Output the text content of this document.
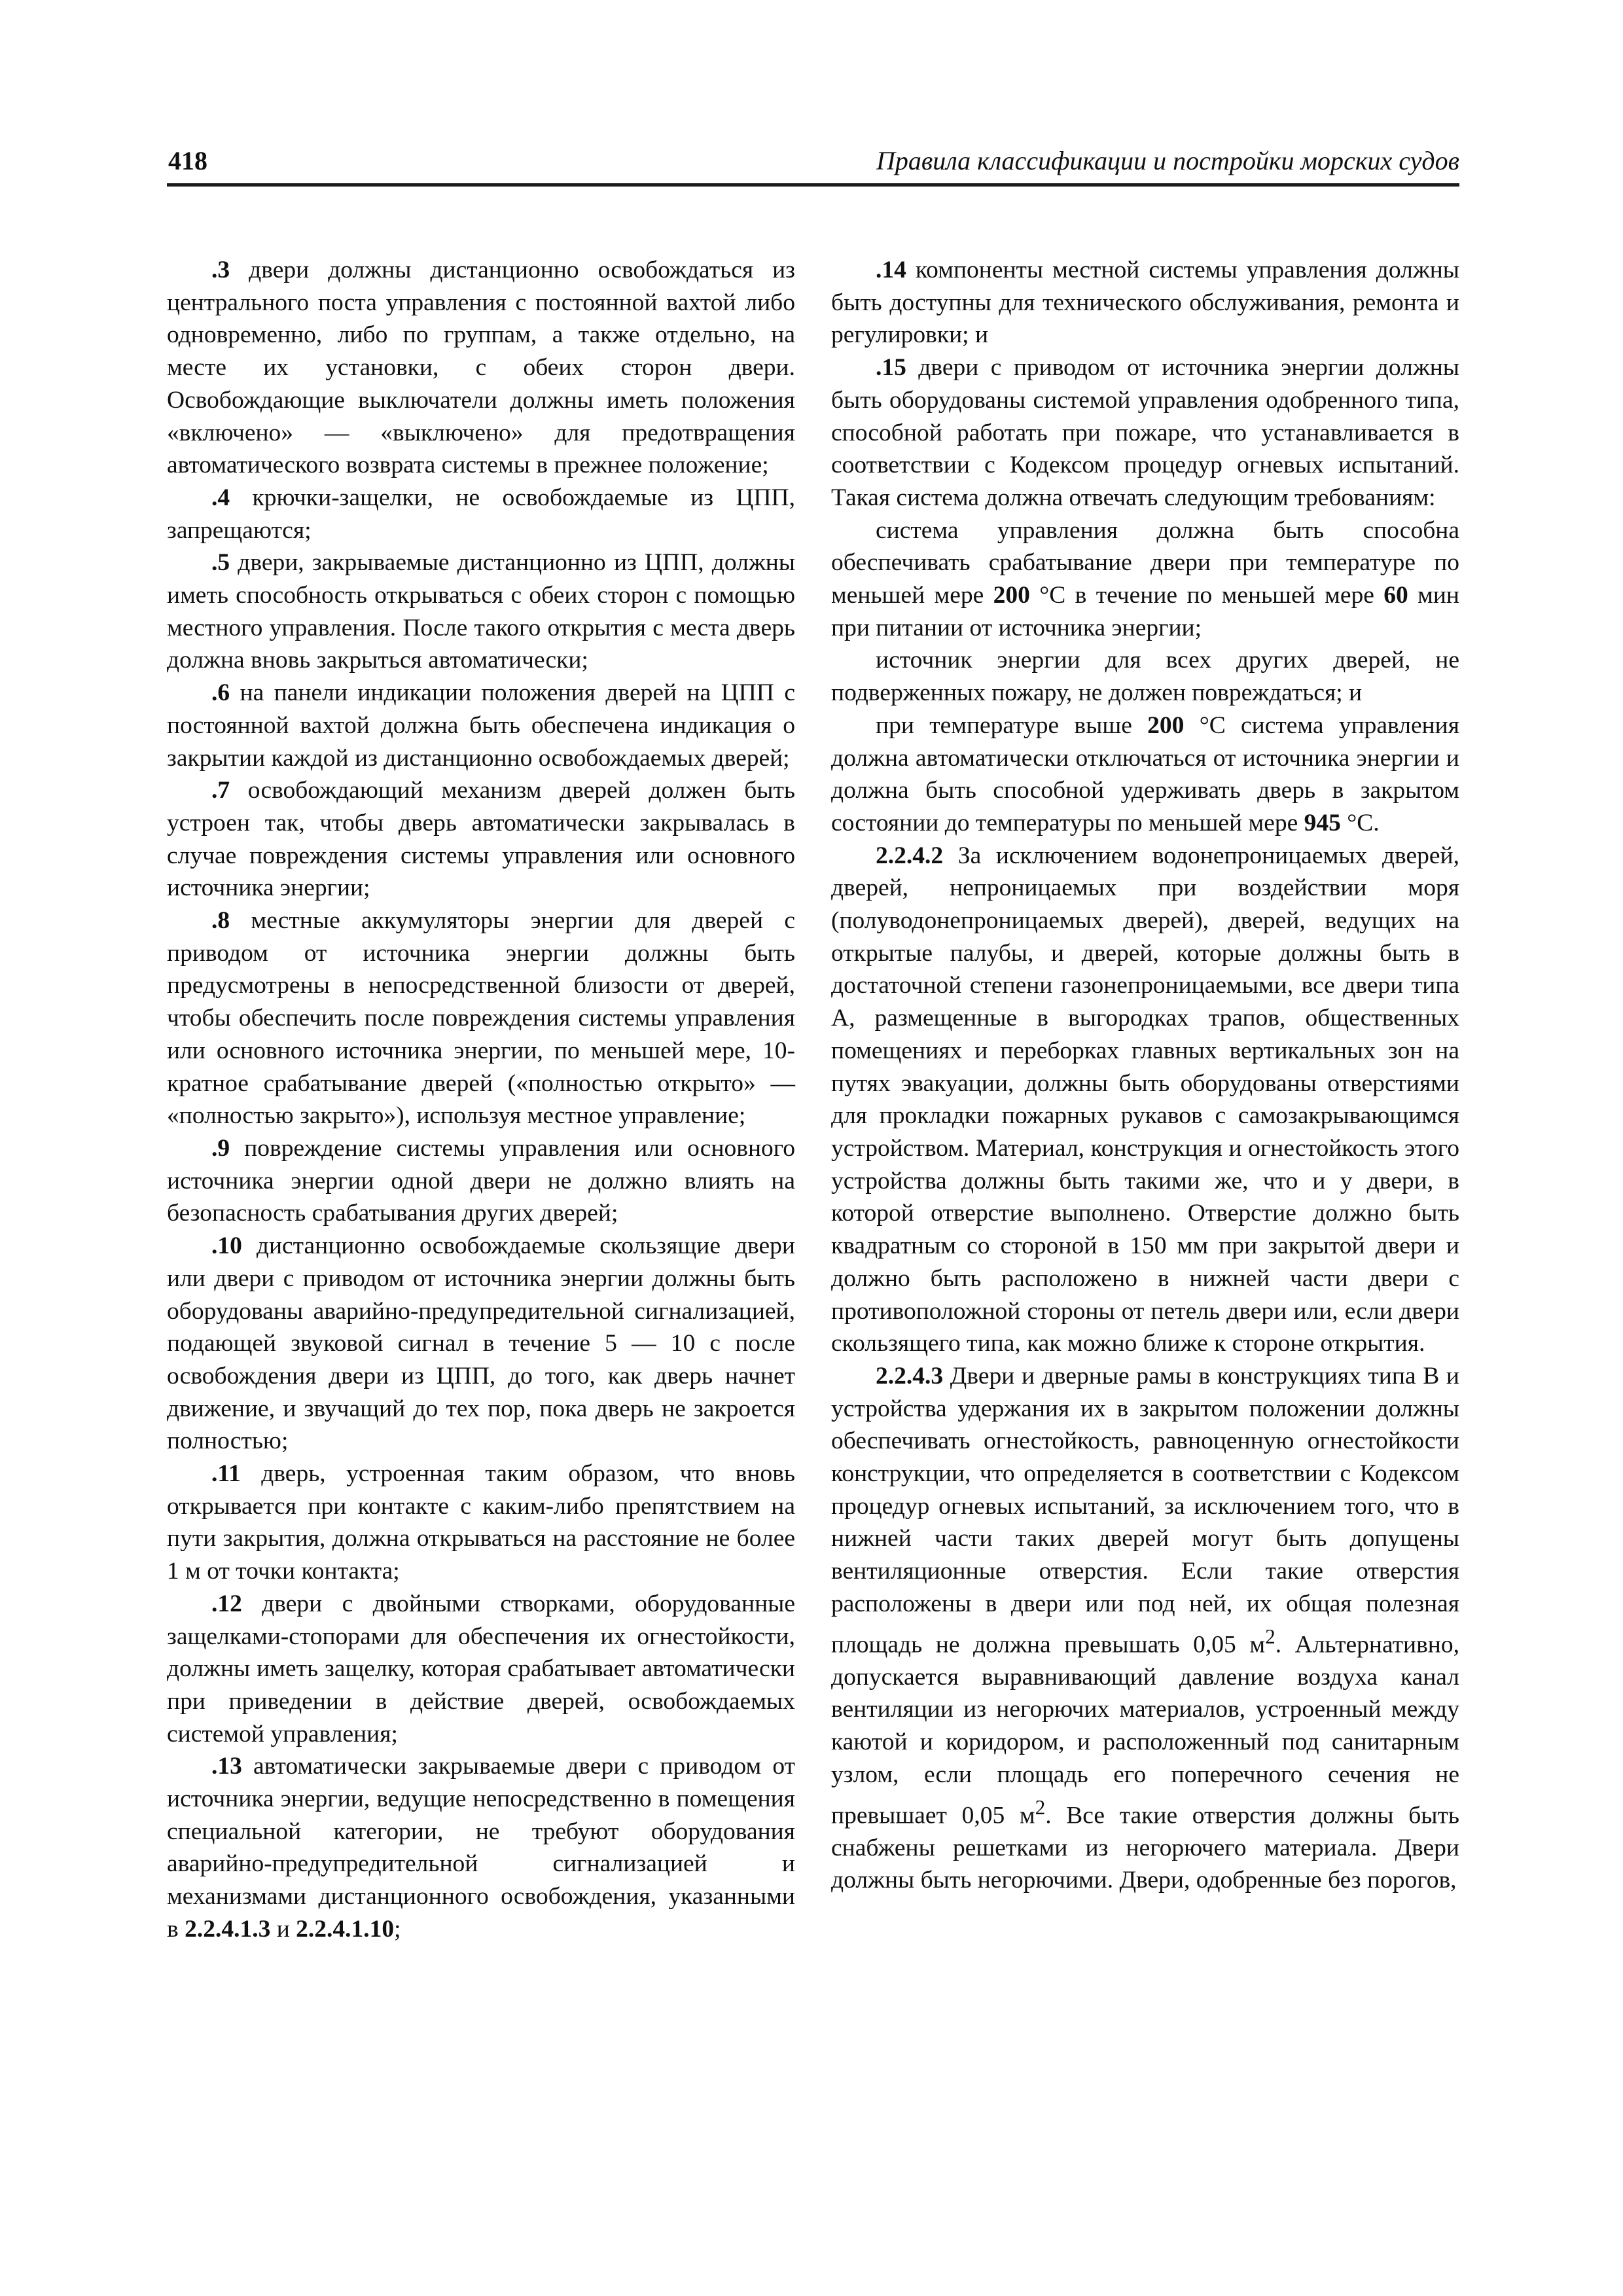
418	Правила классификации и постройки морских судов

.3 двери должны дистанционно освобождаться из центрального поста управления с постоянной вахтой либо одновременно, либо по группам, а также отдельно, на месте их установки, с обеих сторон двери. Освобождающие выключатели должны иметь положения «включено» — «выключено» для предотвращения автоматического возврата системы в прежнее положение;

.4 крючки-защелки, не освобождаемые из ЦПП, запрещаются;

.5 двери, закрываемые дистанционно из ЦПП, должны иметь способность открываться с обеих сторон с помощью местного управления. После такого открытия с места дверь должна вновь закрыться автоматически;

.6 на панели индикации положения дверей на ЦПП с постоянной вахтой должна быть обеспечена индикация о закрытии каждой из дистанционно освобождаемых дверей;

.7 освобождающий механизм дверей должен быть устроен так, чтобы дверь автоматически закрывалась в случае повреждения системы управления или основного источника энергии;

.8 местные аккумуляторы энергии для дверей с приводом от источника энергии должны быть предусмотрены в непосредственной близости от дверей, чтобы обеспечить после повреждения системы управления или основного источника энергии, по меньшей мере, 10-кратное срабатывание дверей («полностью открыто» — «полностью закрыто»), используя местное управление;

.9 повреждение системы управления или основного источника энергии одной двери не должно влиять на безопасность срабатывания других дверей;

.10 дистанционно освобождаемые скользящие двери или двери с приводом от источника энергии должны быть оборудованы аварийно-предупредительной сигнализацией, подающей звуковой сигнал в течение 5 — 10 с после освобождения двери из ЦПП, до того, как дверь начнет движение, и звучащий до тех пор, пока дверь не закроется полностью;

.11 дверь, устроенная таким образом, что вновь открывается при контакте с каким-либо препятствием на пути закрытия, должна открываться на расстояние не более 1 м от точки контакта;

.12 двери с двойными створками, оборудованные защелками-стопорами для обеспечения их огнестойкости, должны иметь защелку, которая срабатывает автоматически при приведении в действие дверей, освобождаемых системой управления;

.13 автоматически закрываемые двери с приводом от источника энергии, ведущие непосредственно в помещения специальной категории, не требуют оборудования аварийно-предупредительной сигнализацией и механизмами дистанционного освобождения, указанными в 2.2.4.1.3 и 2.2.4.1.10;

.14 компоненты местной системы управления должны быть доступны для технического обслуживания, ремонта и регулировки; и

.15 двери с приводом от источника энергии должны быть оборудованы системой управления одобренного типа, способной работать при пожаре, что устанавливается в соответствии с Кодексом процедур огневых испытаний. Такая система должна отвечать следующим требованиям:

система управления должна быть способна обеспечивать срабатывание двери при температуре по меньшей мере 200 °С в течение по меньшей мере 60 мин при питании от источника энергии;

источник энергии для всех других дверей, не подверженных пожару, не должен повреждаться; и

при температуре выше 200 °С система управления должна автоматически отключаться от источника энергии и должна быть способной удерживать дверь в закрытом состоянии до температуры по меньшей мере 945 °С.

2.2.4.2 За исключением водонепроницаемых дверей, дверей, непроницаемых при воздействии моря (полуводонепроницаемых дверей), дверей, ведущих на открытые палубы, и дверей, которые должны быть в достаточной степени газонепроницаемыми, все двери типа А, размещенные в выгородках трапов, общественных помещениях и переборках главных вертикальных зон на путях эвакуации, должны быть оборудованы отверстиями для прокладки пожарных рукавов с самозакрывающимся устройством. Материал, конструкция и огнестойкость этого устройства должны быть такими же, что и у двери, в которой отверстие выполнено. Отверстие должно быть квадратным со стороной в 150 мм при закрытой двери и должно быть расположено в нижней части двери с противоположной стороны от петель двери или, если двери скользящего типа, как можно ближе к стороне открытия.

2.2.4.3 Двери и дверные рамы в конструкциях типа В и устройства удержания их в закрытом положении должны обеспечивать огнестойкость, равноценную огнестойкости конструкции, что определяется в соответствии с Кодексом процедур огневых испытаний, за исключением того, что в нижней части таких дверей могут быть допущены вентиляционные отверстия. Если такие отверстия расположены в двери или под ней, их общая полезная площадь не должна превышать 0,05 $м^2$. Альтернативно, допускается выравнивающий давление воздуха канал вентиляции из негорючих материалов, устроенный между каютой и коридором, и расположенный под санитарным узлом, если площадь его поперечного сечения не превышает 0,05 $м^2$. Все такие отверстия должны быть снабжены решетками из негорючего материала. Двери должны быть негорючими. Двери, одобренные без порогов,
